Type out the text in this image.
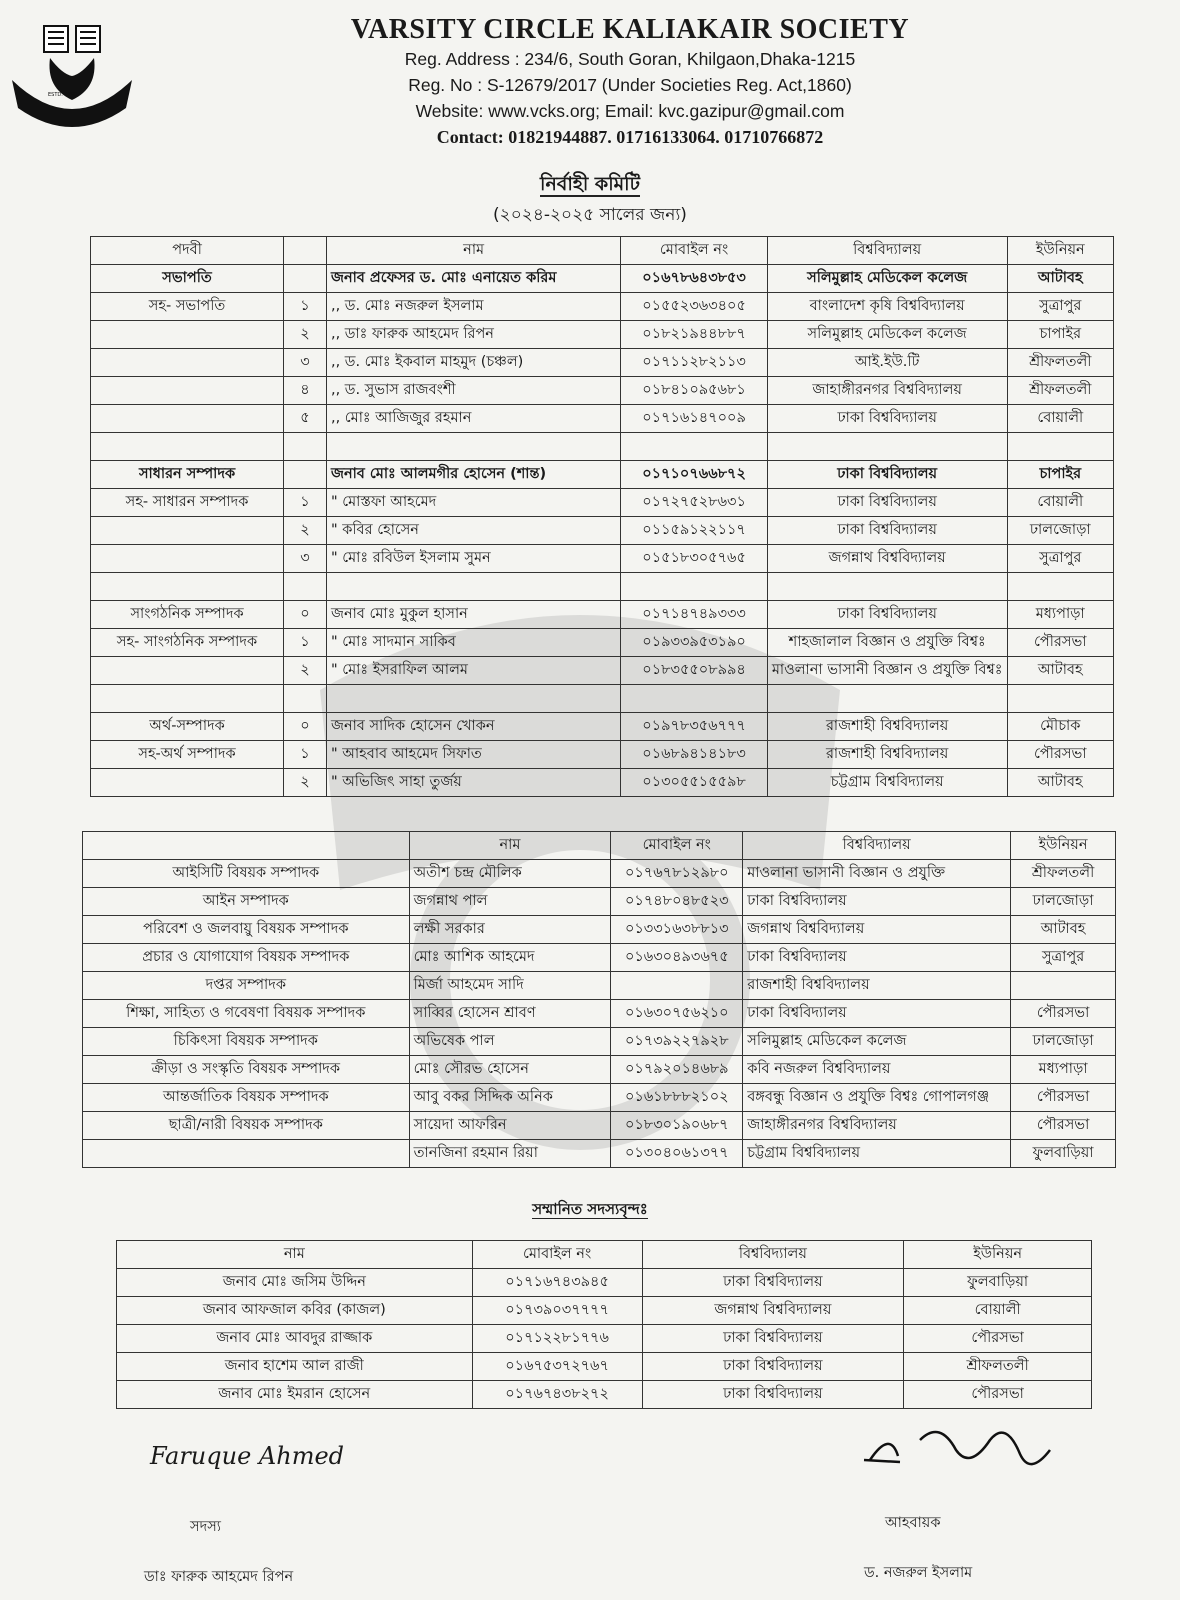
ESTD. 1990
VARSITY CIRCLE KALIAKAIR SOCIETY
Reg. Address : 234/6, South Goran, Khilgaon,Dhaka-1215
Reg. No : S-12679/2017 (Under Societies Reg. Act,1860)
Website: www.vcks.org; Email: kvc.gazipur@gmail.com
Contact: 01821944887. 01716133064. 01710766872
নির্বাহী কমিটি
(২০২৪-২০২৫ সালের জন্য)
পদবী		নাম	মোবাইল নং	বিশ্ববিদ্যালয়	ইউনিয়ন
সভাপতি		জনাব প্রফেসর ড. মোঃ এনায়েত করিম	০১৬৭৮৬৪৩৮৫৩	সলিমুল্লাহ মেডিকেল কলেজ	আটাবহ
সহ- সভাপতি	১	,, ড. মোঃ নজরুল ইসলাম	০১৫৫২৩৬৩৪০৫	বাংলাদেশ কৃষি বিশ্ববিদ্যালয়	সুত্রাপুর
	২	,, ডাঃ ফারুক আহমেদ রিপন	০১৮২১৯৪৪৮৮৭	সলিমুল্লাহ মেডিকেল কলেজ	চাপাইর
	৩	,, ড. মোঃ ইকবাল মাহমুদ (চঞ্চল)	০১৭১১২৮২১১৩	আই.ইউ.টি	শ্রীফলতলী
	৪	,, ড. সুভাস রাজবংশী	০১৮৪১০৯৫৬৮১	জাহাঙ্গীরনগর বিশ্ববিদ্যালয়	শ্রীফলতলী
	৫	,, মোঃ আজিজুর রহমান	০১৭১৬১৪৭০০৯	ঢাকা বিশ্ববিদ্যালয়	বোয়ালী

সাধারন সম্পাদক		জনাব মোঃ আলমগীর হোসেন (শান্ত)	০১৭১০৭৬৬৮৭২	ঢাকা বিশ্ববিদ্যালয়	চাপাইর
সহ- সাধারন সম্পাদক	১	" মোস্তফা আহমেদ	০১৭২৭৫২৮৬৩১	ঢাকা বিশ্ববিদ্যালয়	বোয়ালী
	২	" কবির হোসেন	০১১৫৯১২২১১৭	ঢাকা বিশ্ববিদ্যালয়	ঢালজোড়া
	৩	" মোঃ রবিউল ইসলাম সুমন	০১৫১৮৩০৫৭৬৫	জগন্নাথ বিশ্ববিদ্যালয়	সুত্রাপুর

সাংগঠনিক সম্পাদক	০	জনাব মোঃ মুকুল হাসান	০১৭১৪৭৪৯৩৩৩	ঢাকা বিশ্ববিদ্যালয়	মধ্যপাড়া
সহ- সাংগঠনিক সম্পাদক	১	" মোঃ সাদমান সাকিব	০১৯৩৩৯৫৩১৯০	শাহজালাল বিজ্ঞান ও প্রযুক্তি বিশ্বঃ	পৌরসভা
	২	" মোঃ ইসরাফিল আলম	০১৮৩৫৫০৮৯৯৪	মাওলানা ভাসানী বিজ্ঞান ও প্রযুক্তি বিশ্বঃ	আটাবহ

অর্থ-সম্পাদক	০	জনাব সাদিক হোসেন খোকন	০১৯৭৮৩৫৬৭৭৭	রাজশাহী বিশ্ববিদ্যালয়	মৌচাক
সহ-অর্থ সম্পাদক	১	" আহবাব আহমেদ সিফাত	০১৬৮৯৪১৪১৮৩	রাজশাহী বিশ্ববিদ্যালয়	পৌরসভা
	২	" অভিজিৎ সাহা তুর্জয়	০১৩০৫৫১৫৫৯৮	চট্টগ্রাম বিশ্ববিদ্যালয়	আটাবহ
	নাম	মোবাইল নং	বিশ্ববিদ্যালয়	ইউনিয়ন
আইসিটি বিষয়ক সম্পাদক	অতীশ চন্দ্র মৌলিক	০১৭৬৭৮১২৯৮০	মাওলানা ভাসানী বিজ্ঞান ও প্রযুক্তি	শ্রীফলতলী
আইন সম্পাদক	জগন্নাথ পাল	০১৭৪৮০৪৮৫২৩	ঢাকা বিশ্ববিদ্যালয়	ঢালজোড়া
পরিবেশ ও জলবায়ু বিষয়ক সম্পাদক	লক্ষী সরকার	০১৩৩১৬৩৮৮১৩	জগন্নাথ বিশ্ববিদ্যালয়	আটাবহ
প্রচার ও যোগাযোগ বিষয়ক সম্পাদক	মোঃ আশিক আহমেদ	০১৬৩০৪৯৩৬৭৫	ঢাকা বিশ্ববিদ্যালয়	সুত্রাপুর
দপ্তর সম্পাদক	মির্জা আহমেদ সাদি		রাজশাহী বিশ্ববিদ্যালয়	
শিক্ষা, সাহিত্য ও গবেষণা বিষয়ক সম্পাদক	সাব্বির হোসেন শ্রাবণ	০১৬৩০৭৫৬২১০	ঢাকা বিশ্ববিদ্যালয়	পৌরসভা
চিকিৎসা বিষয়ক সম্পাদক	অভিষেক পাল	০১৭৩৯২২৭৯২৮	সলিমুল্লাহ মেডিকেল কলেজ	ঢালজোড়া
ক্রীড়া ও সংস্কৃতি বিষয়ক সম্পাদক	মোঃ সৌরভ হোসেন	০১৭৯২০১৪৬৮৯	কবি নজরুল বিশ্ববিদ্যালয়	মধ্যপাড়া
আন্তর্জাতিক বিষয়ক সম্পাদক	আবু বকর সিদ্দিক অনিক	০১৬১৮৮৮২১০২	বঙ্গবন্ধু বিজ্ঞান ও প্রযুক্তি বিশ্বঃ গোপালগঞ্জ	পৌরসভা
ছাত্রী/নারী বিষয়ক সম্পাদক	সায়েদা আফরিন	০১৮৩০১৯০৬৮৭	জাহাঙ্গীরনগর বিশ্ববিদ্যালয়	পৌরসভা
	তানজিনা রহমান রিয়া	০১৩০৪০৬১৩৭৭	চট্টগ্রাম বিশ্ববিদ্যালয়	ফুলবাড়িয়া
সম্মানিত সদস্যবৃন্দঃ
নাম	মোবাইল নং	বিশ্ববিদ্যালয়	ইউনিয়ন
জনাব মোঃ জসিম উদ্দিন	০১৭১৬৭৪৩৯৪৫	ঢাকা বিশ্ববিদ্যালয়	ফুলবাড়িয়া
জনাব আফজাল কবির (কাজল)	০১৭৩৯০৩৭৭৭৭	জগন্নাথ বিশ্ববিদ্যালয়	বোয়ালী
জনাব মোঃ আবদুর রাজ্জাক	০১৭১২২৮১৭৭৬	ঢাকা বিশ্ববিদ্যালয়	পৌরসভা
জনাব হাশেম আল রাজী	০১৬৭৫৩৭২৭৬৭	ঢাকা বিশ্ববিদ্যালয়	শ্রীফলতলী
জনাব মোঃ ইমরান হোসেন	০১৭৬৭৪৩৮২৭২	ঢাকা বিশ্ববিদ্যালয়	পৌরসভা
Faruque Ahmed
সদস্য	আহবায়ক
ডাঃ ফারুক আহমেদ রিপন	ড. নজরুল ইসলাম
